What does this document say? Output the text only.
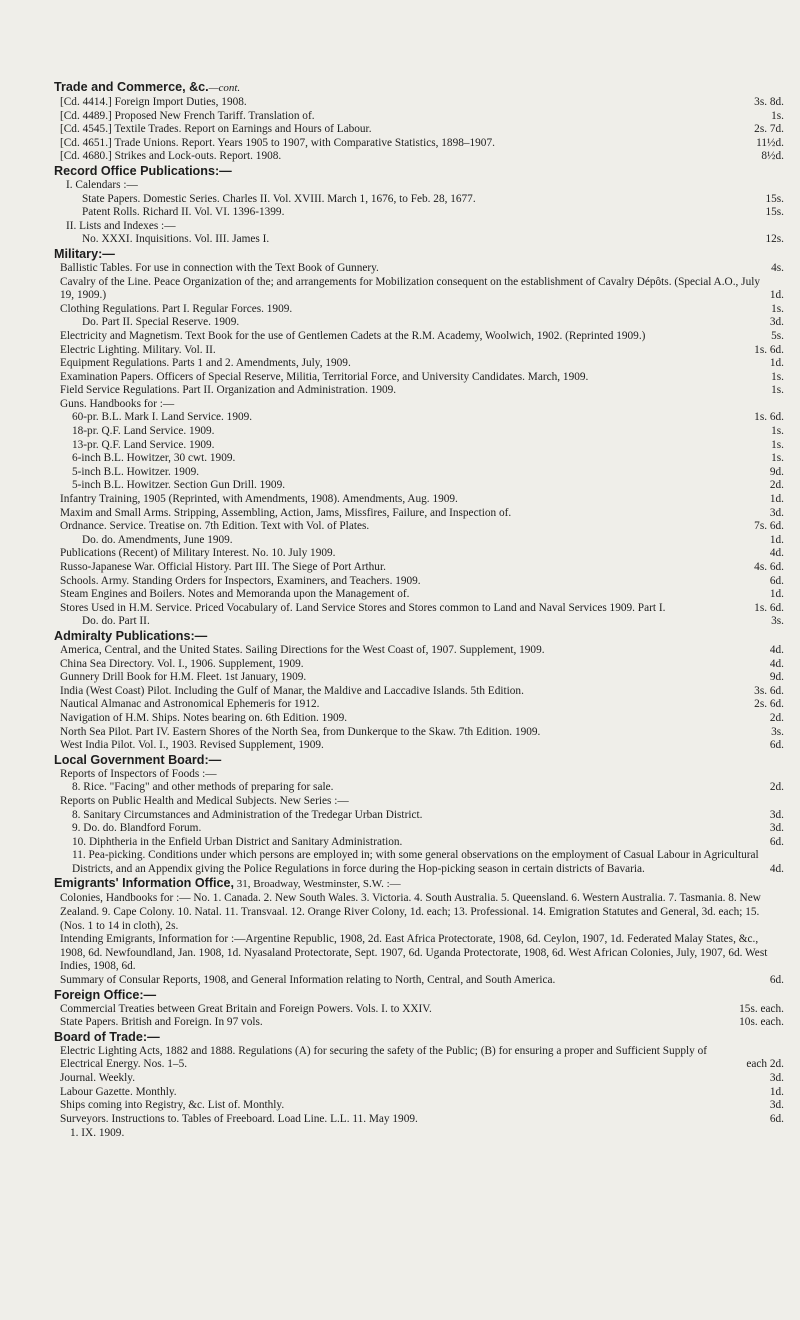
Trade and Commerce, &c.—cont.
[Cd. 4414.] Foreign Import Duties, 1908.	3s. 8d.
[Cd. 4489.] Proposed New French Tariff. Translation of.	1s.
[Cd. 4545.] Textile Trades. Report on Earnings and Hours of Labour.	2s. 7d.
[Cd. 4651.] Trade Unions. Report. Years 1905 to 1907, with Comparative Statistics, 1898–1907.	11½d.
[Cd. 4680.] Strikes and Lock-outs. Report. 1908.	8½d.
Record Office Publications:—
I. Calendars :—
State Papers. Domestic Series. Charles II. Vol. XVIII. March 1, 1676, to Feb. 28, 1677.	15s.
Patent Rolls. Richard II. Vol. VI. 1396-1399.	15s.
II. Lists and Indexes :—
No. XXXI. Inquisitions. Vol. III. James I.	12s.
Military:—
Ballistic Tables. For use in connection with the Text Book of Gunnery.	4s.
Cavalry of the Line. Peace Organization of the; and arrangements for Mobilization consequent on the establishment of Cavalry Dépôts. (Special A.O., July 19, 1909.)	1d.
Clothing Regulations. Part I. Regular Forces. 1909.	1s.
Do. Part II. Special Reserve. 1909.	3d.
Electricity and Magnetism. Text Book for the use of Gentlemen Cadets at the R.M. Academy, Woolwich, 1902. (Reprinted 1909.)	5s.
Electric Lighting. Military. Vol. II.	1s. 6d.
Equipment Regulations. Parts 1 and 2. Amendments, July, 1909.	1d.
Examination Papers. Officers of Special Reserve, Militia, Territorial Force, and University Candidates. March, 1909.	1s.
Field Service Regulations. Part II. Organization and Administration. 1909.	1s.
Guns. Handbooks for :—
60-pr. B.L. Mark I. Land Service. 1909.	1s. 6d.
18-pr. Q.F. Land Service. 1909.	1s.
13-pr. Q.F. Land Service. 1909.	1s.
6-inch B.L. Howitzer, 30 cwt. 1909.	1s.
5-inch B.L. Howitzer. 1909.	9d.
5-inch B.L. Howitzer. Section Gun Drill. 1909.	2d.
Infantry Training, 1905 (Reprinted, with Amendments, 1908). Amendments, Aug. 1909.	1d.
Maxim and Small Arms. Stripping, Assembling, Action, Jams, Missfires, Failure, and Inspection of.	3d.
Ordnance. Service. Treatise on. 7th Edition. Text with Vol. of Plates.	7s. 6d.
Do. do. Amendments, June 1909.	1d.
Publications (Recent) of Military Interest. No. 10. July 1909.	4d.
Russo-Japanese War. Official History. Part III. The Siege of Port Arthur.	4s. 6d.
Schools. Army. Standing Orders for Inspectors, Examiners, and Teachers. 1909.	6d.
Steam Engines and Boilers. Notes and Memoranda upon the Management of.	1d.
Stores Used in H.M. Service. Priced Vocabulary of. Land Service Stores and Stores common to Land and Naval Services 1909. Part I.	1s. 6d.
Do. do. Part II.	3s.
Admiralty Publications:—
America, Central, and the United States. Sailing Directions for the West Coast of, 1907. Supplement, 1909.	4d.
China Sea Directory. Vol. I., 1906. Supplement, 1909.	4d.
Gunnery Drill Book for H.M. Fleet. 1st January, 1909.	9d.
India (West Coast) Pilot. Including the Gulf of Manar, the Maldive and Laccadive Islands. 5th Edition.	3s. 6d.
Nautical Almanac and Astronomical Ephemeris for 1912.	2s. 6d.
Navigation of H.M. Ships. Notes bearing on. 6th Edition. 1909.	2d.
North Sea Pilot. Part IV. Eastern Shores of the North Sea, from Dunkerque to the Skaw. 7th Edition. 1909.	3s.
West India Pilot. Vol. I., 1903. Revised Supplement, 1909.	6d.
Local Government Board:—
Reports of Inspectors of Foods :—
8. Rice. "Facing" and other methods of preparing for sale.	2d.
Reports on Public Health and Medical Subjects. New Series :—
8. Sanitary Circumstances and Administration of the Tredegar Urban District.	3d.
9. Do. do. Blandford Forum.	3d.
10. Diphtheria in the Enfield Urban District and Sanitary Administration.	6d.
11. Pea-picking. Conditions under which persons are employed in; with some general observations on the employment of Casual Labour in Agricultural Districts, and an Appendix giving the Police Regulations in force during the Hop-picking season in certain districts of Bavaria.	4d.
Emigrants' Information Office, 31, Broadway, Westminster, S.W. :—
Colonies, Handbooks for :— No. 1. Canada. 2. New South Wales. 3. Victoria. 4. South Australia. 5. Queensland. 6. Western Australia. 7. Tasmania. 8. New Zealand. 9. Cape Colony. 10. Natal. 11. Transvaal. 12. Orange River Colony, 1d. each; 13. Professional. 14. Emigration Statutes and General, 3d. each; 15. (Nos. 1 to 14 in cloth), 2s.
Intending Emigrants, Information for :—Argentine Republic, 1908, 2d. East Africa Protectorate, 1908, 6d. Ceylon, 1907, 1d. Federated Malay States, &c., 1908, 6d. Newfoundland, Jan. 1908, 1d. Nyasaland Protectorate, Sept. 1907, 6d. Uganda Protectorate, 1908, 6d. West African Colonies, July, 1907, 6d. West Indies, 1908, 6d.
Summary of Consular Reports, 1908, and General Information relating to North, Central, and South America.	6d.
Foreign Office:—
Commercial Treaties between Great Britain and Foreign Powers. Vols. I. to XXIV.	15s. each.
State Papers. British and Foreign. In 97 vols.	10s. each.
Board of Trade:—
Electric Lighting Acts, 1882 and 1888. Regulations (A) for securing the safety of the Public; (B) for ensuring a proper and Sufficient Supply of Electrical Energy. Nos. 1–5.	each 2d.
Journal. Weekly.	3d.
Labour Gazette. Monthly.	1d.
Ships coming into Registry, &c. List of. Monthly.	3d.
Surveyors. Instructions to. Tables of Freeboard. Load Line. L.L. 11. May 1909.	6d.
1. IX. 1909.
